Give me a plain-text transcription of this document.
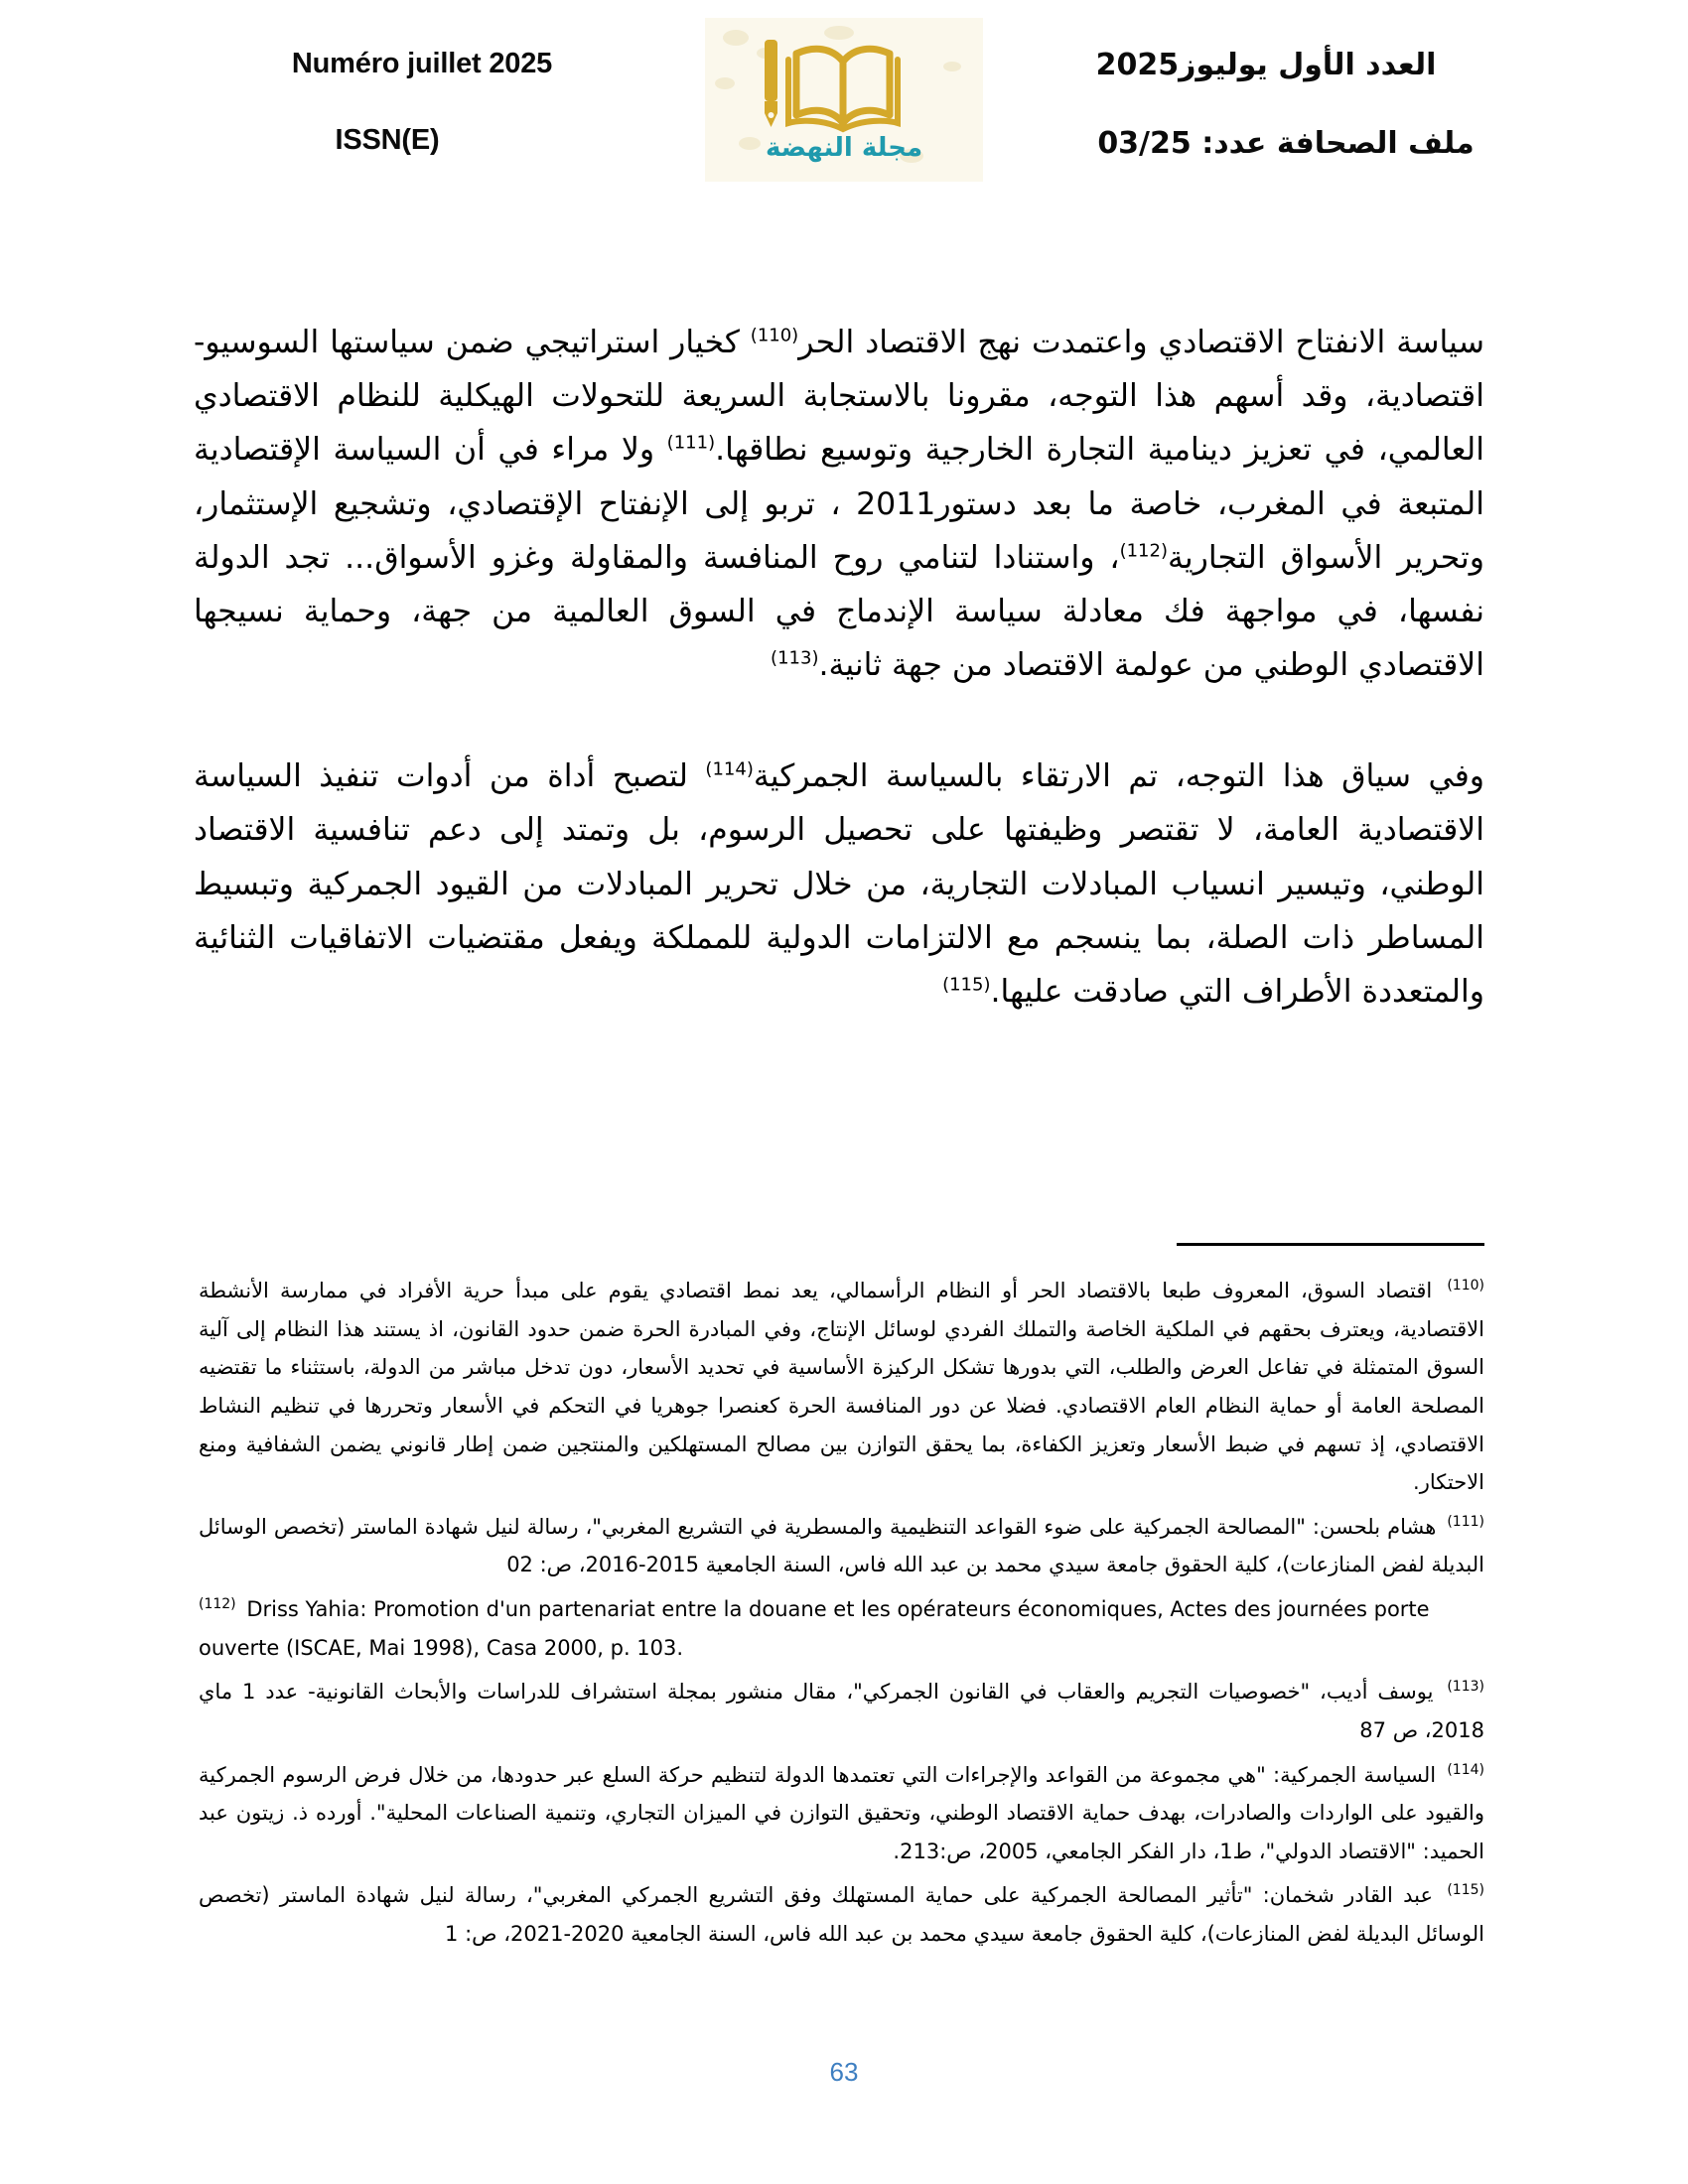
Numéro juillet 2025
ISSN(E)	مجلة النهضة
العدد الأول يوليوز2025
ملف الصحافة عدد: 03/25

سياسة الانفتاح الاقتصادي واعتمدت نهج الاقتصاد الحر$^{(110)}$ كخيار استراتيجي ضمن سياستها السوسيو-اقتصادية، وقد أسهم هذا التوجه، مقرونا بالاستجابة السريعة للتحولات الهيكلية للنظام الاقتصادي العالمي، في تعزيز دينامية التجارة الخارجية وتوسيع نطاقها.$^{(111)}$ ولا مراء في أن السياسة الإقتصادية المتبعة في المغرب، خاصة ما بعد دستور2011 ، تربو إلى الإنفتاح الإقتصادي، وتشجيع الإستثمار، وتحرير الأسواق التجارية$^{(112)}$، واستنادا لتنامي روح المنافسة والمقاولة وغزو الأسواق... تجد الدولة نفسها، في مواجهة فك معادلة سياسة الإندماج في السوق العالمية من جهة، وحماية نسيجها الاقتصادي الوطني من عولمة الاقتصاد من جهة ثانية.$^{(113)}$

وفي سياق هذا التوجه، تم الارتقاء بالسياسة الجمركية$^{(114)}$ لتصبح أداة من أدوات تنفيذ السياسة الاقتصادية العامة، لا تقتصر وظيفتها على تحصيل الرسوم، بل وتمتد إلى دعم تنافسية الاقتصاد الوطني، وتيسير انسياب المبادلات التجارية، من خلال تحرير المبادلات من القيود الجمركية وتبسيط المساطر ذات الصلة، بما ينسجم مع الالتزامات الدولية للمملكة ويفعل مقتضيات الاتفاقيات الثنائية والمتعددة الأطراف التي صادقت عليها.$^{(115)}$

$^{(110)}$ اقتصاد السوق، المعروف طبعا بالاقتصاد الحر أو النظام الرأسمالي، يعد نمط اقتصادي يقوم على مبدأ حرية الأفراد في ممارسة الأنشطة الاقتصادية، ويعترف بحقهم في الملكية الخاصة والتملك الفردي لوسائل الإنتاج، وفي المبادرة الحرة ضمن حدود القانون، اذ يستند هذا النظام إلى آلية السوق المتمثلة في تفاعل العرض والطلب، التي بدورها تشكل الركيزة الأساسية في تحديد الأسعار، دون تدخل مباشر من الدولة، باستثناء ما تقتضيه المصلحة العامة أو حماية النظام العام الاقتصادي. فضلا عن دور المنافسة الحرة كعنصرا جوهريا في التحكم في الأسعار وتحررها في تنظيم النشاط الاقتصادي، إذ تسهم في ضبط الأسعار وتعزيز الكفاءة، بما يحقق التوازن بين مصالح المستهلكين والمنتجين ضمن إطار قانوني يضمن الشفافية ومنع الاحتكار.
$^{(111)}$ هشام بلحسن: "المصالحة الجمركية على ضوء القواعد التنظيمية والمسطرية في التشريع المغربي"، رسالة لنيل شهادة الماستر (تخصص الوسائل البديلة لفض المنازعات)، كلية الحقوق جامعة سيدي محمد بن عبد الله فاس، السنة الجامعية 2015-2016، ص: 02
$^{(112)}$ Driss Yahia: Promotion d'un partenariat entre la douane et les opérateurs économiques, Actes des journées porte ouverte (ISCAE, Mai 1998), Casa 2000, p. 103.
$^{(113)}$ يوسف أديب، "خصوصيات التجريم والعقاب في القانون الجمركي"، مقال منشور بمجلة استشراف للدراسات والأبحاث القانونية- عدد 1 ماي 2018، ص 87
$^{(114)}$ السياسة الجمركية: "هي مجموعة من القواعد والإجراءات التي تعتمدها الدولة لتنظيم حركة السلع عبر حدودها، من خلال فرض الرسوم الجمركية والقيود على الواردات والصادرات، بهدف حماية الاقتصاد الوطني، وتحقيق التوازن في الميزان التجاري، وتنمية الصناعات المحلية". أورده ذ. زيتون عبد الحميد: "الاقتصاد الدولي"، ط1، دار الفكر الجامعي، 2005، ص:213.
$^{(115)}$ عبد القادر شخمان: "تأثير المصالحة الجمركية على حماية المستهلك وفق التشريع الجمركي المغربي"، رسالة لنيل شهادة الماستر (تخصص الوسائل البديلة لفض المنازعات)، كلية الحقوق جامعة سيدي محمد بن عبد الله فاس، السنة الجامعية 2020-2021، ص: 1
63
